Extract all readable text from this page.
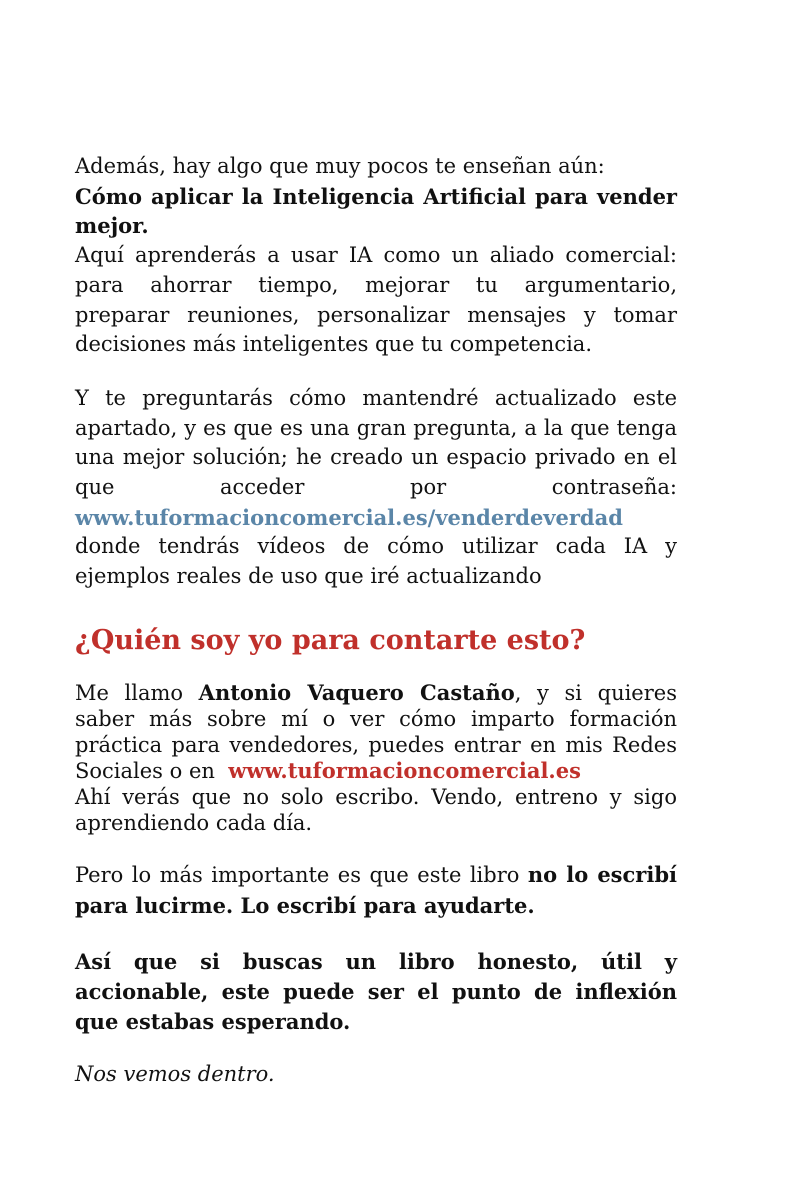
Además, hay algo que muy pocos te enseñan aún:

Cómo aplicar la Inteligencia Artificial para vender mejor.

Aquí aprenderás a usar IA como un aliado comercial: para ahorrar tiempo, mejorar tu argumentario, preparar reuniones, personalizar mensajes y tomar decisiones más inteligentes que tu competencia.

Y te preguntarás cómo mantendré actualizado este apartado, y es que es una gran pregunta, a la que tenga una mejor solución; he creado un espacio privado en el que acceder por contraseña:

www.tuformacioncomercial.es/venderdeverdad

donde tendrás vídeos de cómo utilizar cada IA y ejemplos reales de uso que iré actualizando

¿Quién soy yo para contarte esto?

Me llamo Antonio Vaquero Castaño, y si quieres saber más sobre mí o ver cómo imparto formación práctica para vendedores, puedes entrar en mis Redes Sociales o en www.tuformacioncomercial.es

Ahí verás que no solo escribo. Vendo, entreno y sigo aprendiendo cada día.

Pero lo más importante es que este libro no lo escribí para lucirme. Lo escribí para ayudarte.

Así que si buscas un libro honesto, útil y accionable, este puede ser el punto de inflexión que estabas esperando.

Nos vemos dentro.
